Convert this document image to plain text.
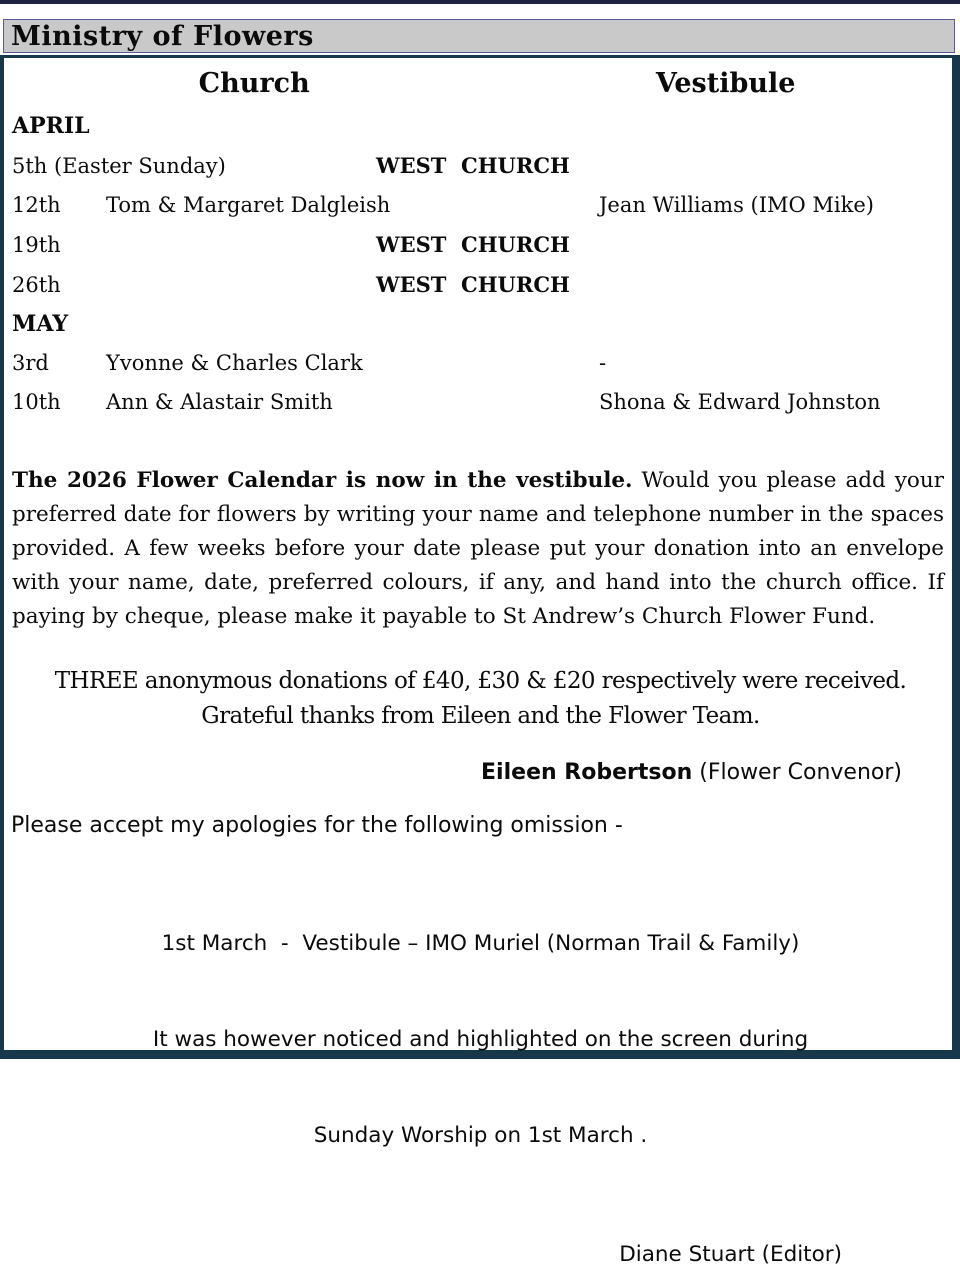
Ministry of Flowers
Church	Vestibule
APRIL
5th (Easter Sunday)	WEST  CHURCH
12th	Tom & Margaret Dalgleish	Jean Williams (IMO Mike)
19th	WEST  CHURCH
26th	WEST  CHURCH
MAY
3rd	Yvonne & Charles Clark	-
10th	Ann & Alastair Smith	Shona & Edward Johnston

The 2026 Flower Calendar is now in the vestibule. Would you please add your preferred date for flowers by writing your name and telephone number in the spaces provided. A few weeks before your date please put your donation into an envelope with your name, date, preferred colours, if any, and hand into the church office. If paying by cheque, please make it payable to St Andrew’s Church Flower Fund.

THREE anonymous donations of £40, £30 & £20 respectively were received.
Grateful thanks from Eileen and the Flower Team.
Eileen Robertson (Flower Convenor)
Please accept my apologies for the following omission -

1st March  -  Vestibule – IMO Muriel (Norman Trail & Family)

It was however noticed and highlighted on the screen during

Sunday Worship on 1st March .

Diane Stuart (Editor)
